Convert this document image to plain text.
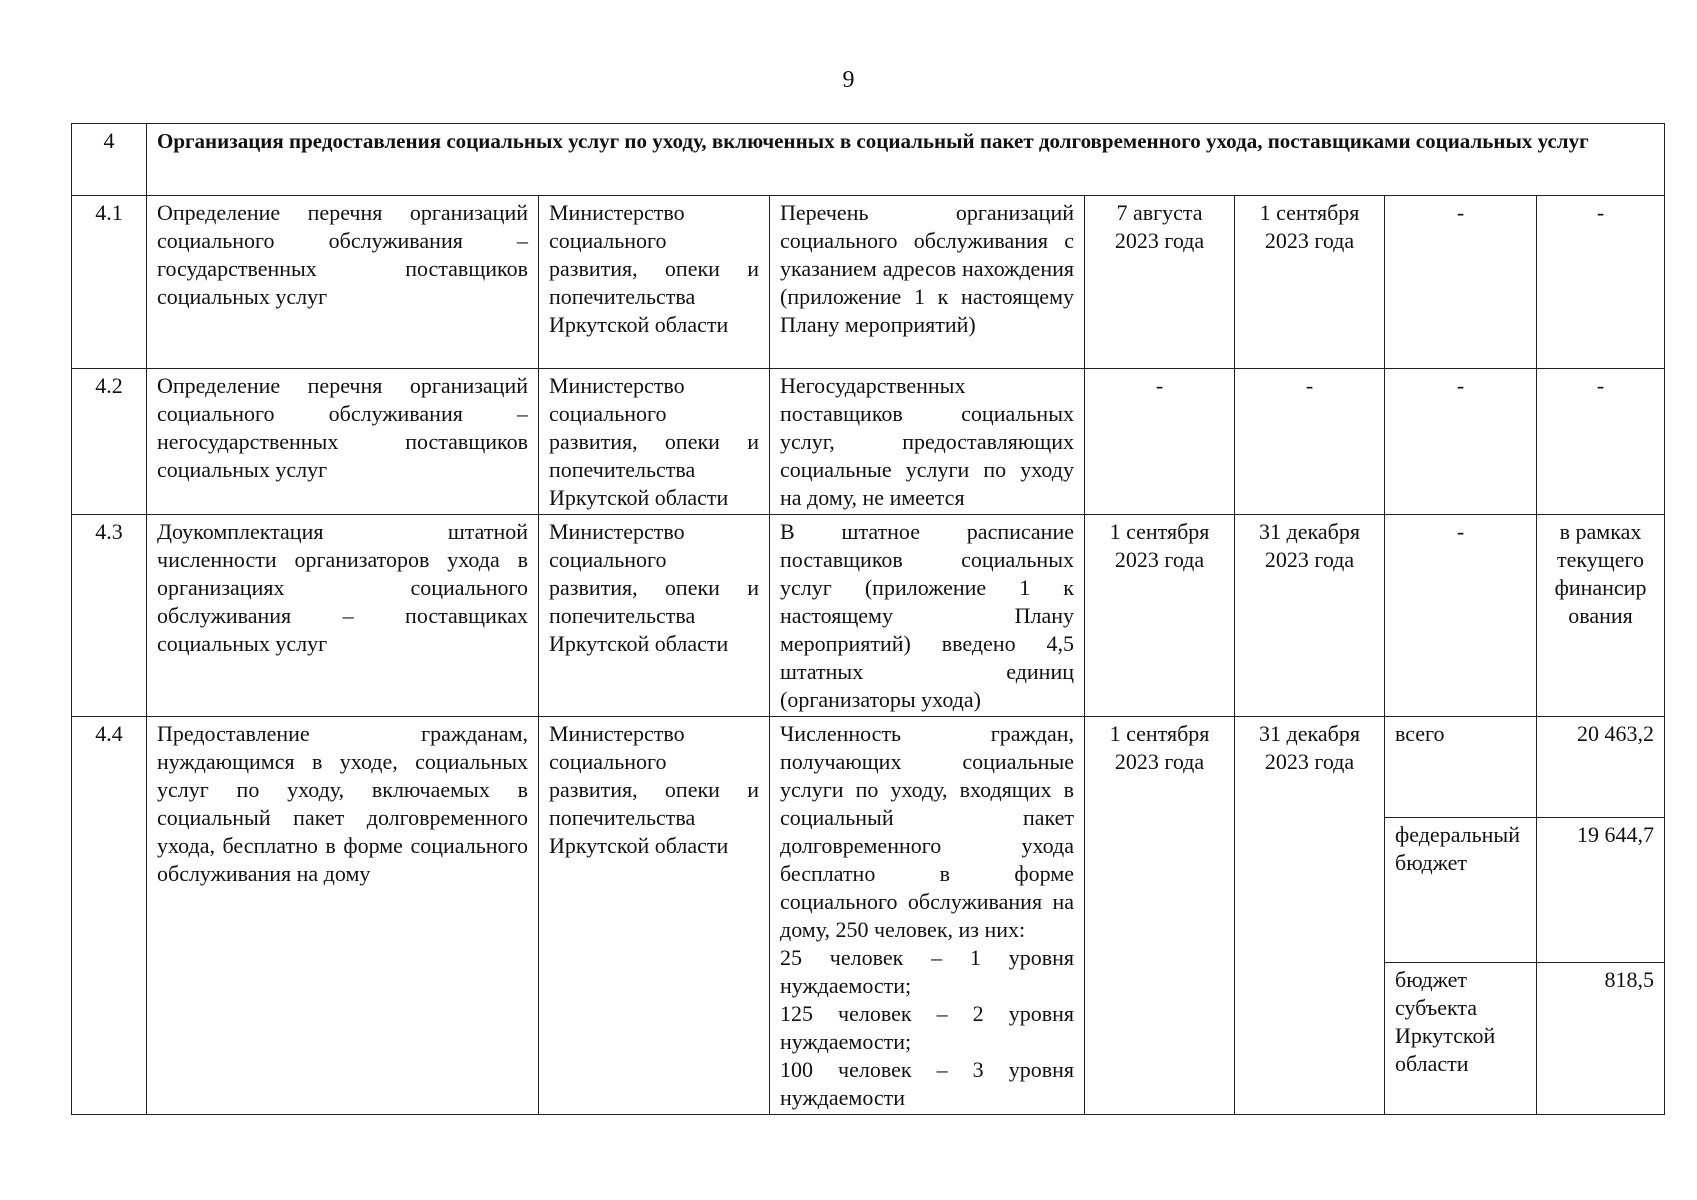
9
4	Организация предоставления социальных услуг по уходу, включенных в социальный пакет долговременного ухода, поставщиками социальных услуг						
4.1	Определение перечня организаций социального обслуживания – государственных поставщиков социальных услуг	Министерство социального развития, опеки и попечительства Иркутской области	Перечень организаций социального обслуживания с указанием адресов нахождения (приложение 1 к настоящему Плану мероприятий)	7 августа 2023 года	1 сентября 2023 года	-	-
4.2	Определение перечня организаций социального обслуживания – негосударственных поставщиков социальных услуг	Министерство социального развития, опеки и попечительства Иркутской области	Негосударственных поставщиков социальных услуг, предоставляющих социальные услуги по уходу на дому, не имеется	-	-	-	-
4.3	Доукомплектация штатной численности организаторов ухода в организациях социального обслуживания – поставщиках социальных услуг	Министерство социального развития, опеки и попечительства Иркутской области	В штатное расписание поставщиков социальных услуг (приложение 1 к настоящему Плану мероприятий) введено 4,5 штатных единиц (организаторы ухода)	1 сентября 2023 года	31 декабря 2023 года	-	в рамках текущего финансир ования
4.4	Предоставление гражданам, нуждающимся в уходе, социальных услуг по уходу, включаемых в социальный пакет долговременного ухода, бесплатно в форме социального обслуживания на дому	Министерство социального развития, опеки и попечительства Иркутской области	Численность граждан, получающих социальные услуги по уходу, входящих в социальный пакет долговременного ухода бесплатно в форме социального обслуживания на дому, 250 человек, из них:
25 человек – 1 уровня нуждаемости;
125 человек – 2 уровня нуждаемости;
100 человек – 3 уровня нуждаемости	1 сентября 2023 года	31 декабря 2023 года	всего	20 463,2
						федеральный бюджет	19 644,7
						бюджет субъекта Иркутской области	818,5
